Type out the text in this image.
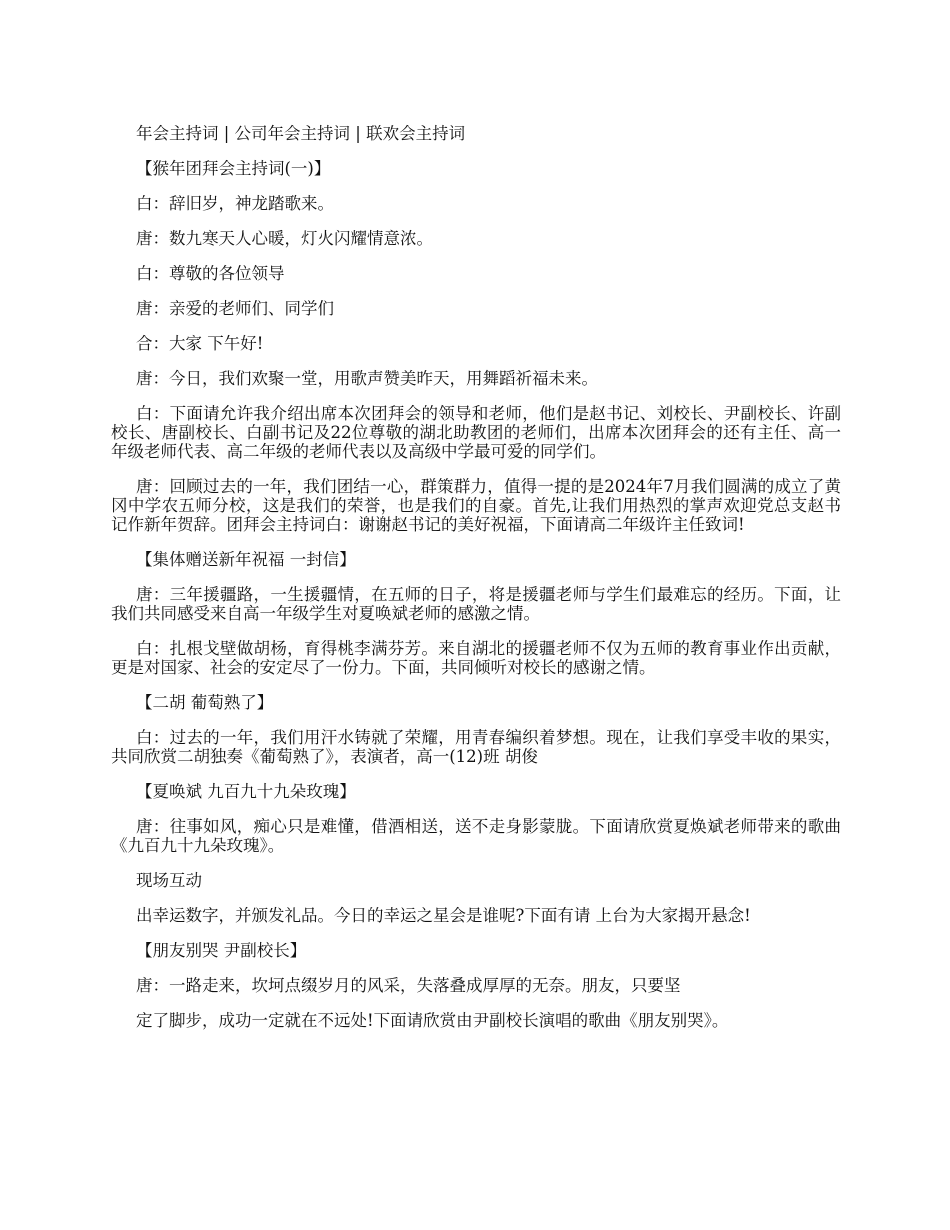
年会主持词 | 公司年会主持词 | 联欢会主持词

【猴年团拜会主持词(一)】

白：辞旧岁，神龙踏歌来。

唐：数九寒天人心暖，灯火闪耀情意浓。

白：尊敬的各位领导

唐：亲爱的老师们、同学们

合：大家 下午好!

唐：今日，我们欢聚一堂，用歌声赞美昨天，用舞蹈祈福未来。

白：下面请允许我介绍出席本次团拜会的领导和老师，他们是赵书记、刘校长、尹副校长、许副校长、唐副校长、白副书记及22位尊敬的湖北助教团的老师们，出席本次团拜会的还有主任、高一年级老师代表、高二年级的老师代表以及高级中学最可爱的同学们。

唐：回顾过去的一年，我们团结一心，群策群力，值得一提的是2024年7月我们圆满的成立了黄冈中学农五师分校，这是我们的荣誉，也是我们的自豪。首先,让我们用热烈的掌声欢迎党总支赵书记作新年贺辞。团拜会主持词白：谢谢赵书记的美好祝福，下面请高二年级许主任致词!

【集体赠送新年祝福 一封信】

唐：三年援疆路，一生援疆情，在五师的日子，将是援疆老师与学生们最难忘的经历。下面，让我们共同感受来自高一年级学生对夏唤斌老师的感激之情。

白：扎根戈壁做胡杨，育得桃李满芬芳。来自湖北的援疆老师不仅为五师的教育事业作出贡献，更是对国家、社会的安定尽了一份力。下面，共同倾听对校长的感谢之情。

【二胡 葡萄熟了】

白：过去的一年，我们用汗水铸就了荣耀，用青春编织着梦想。现在，让我们享受丰收的果实，共同欣赏二胡独奏《葡萄熟了》，表演者，高一(12)班 胡俊

【夏唤斌 九百九十九朵玫瑰】

唐：往事如风，痴心只是难懂，借酒相送，送不走身影蒙胧。下面请欣赏夏焕斌老师带来的歌曲《九百九十九朵玫瑰》。

现场互动

出幸运数字，并颁发礼品。今日的幸运之星会是谁呢?下面有请 上台为大家揭开悬念!

【朋友别哭 尹副校长】

唐：一路走来，坎坷点缀岁月的风采，失落叠成厚厚的无奈。朋友，只要坚

定了脚步，成功一定就在不远处!下面请欣赏由尹副校长演唱的歌曲《朋友别哭》。
